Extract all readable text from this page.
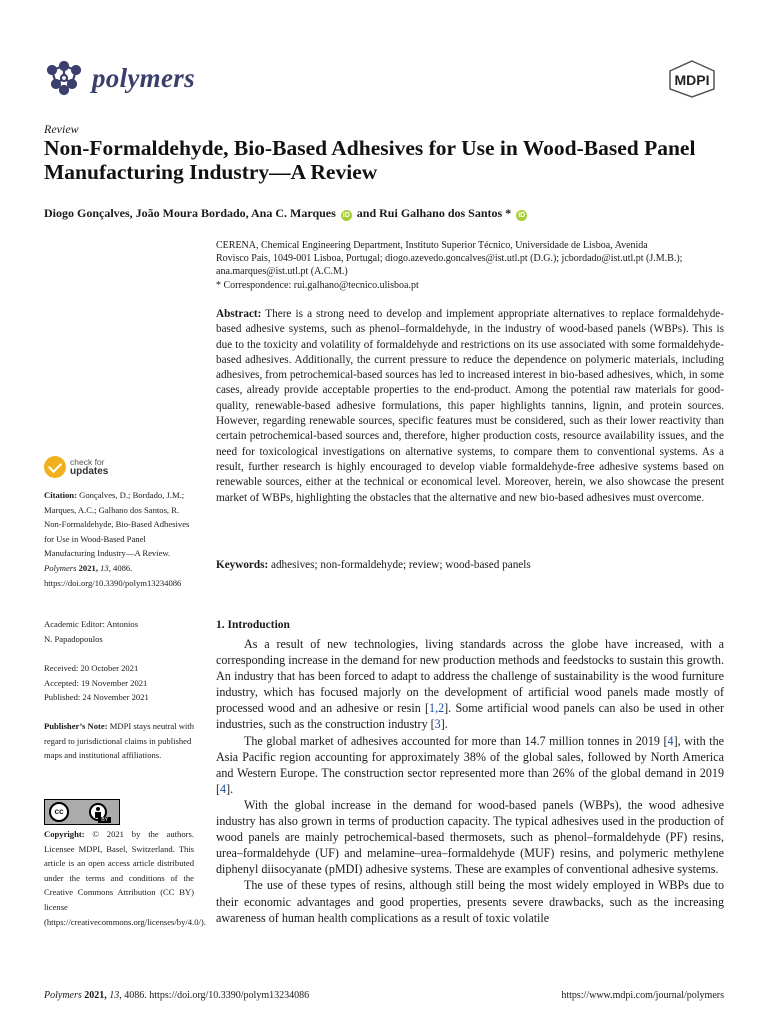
polymers	MDPI
Review
Non-Formaldehyde, Bio-Based Adhesives for Use in Wood-Based Panel Manufacturing Industry—A Review
Diogo Gonçalves, João Moura Bordado, Ana C. Marques iD and Rui Galhano dos Santos * iD
CERENA, Chemical Engineering Department, Instituto Superior Técnico, Universidade de Lisboa, Avenida
Rovisco Pais, 1049-001 Lisboa, Portugal; diogo.azevedo.goncalves@ist.utl.pt (D.G.); jcbordado@ist.utl.pt (J.M.B.);
ana.marques@ist.utl.pt (A.C.M.)
* Correspondence: rui.galhano@tecnico.ulisboa.pt
Abstract: There is a strong need to develop and implement appropriate alternatives to replace formaldehyde-based adhesive systems, such as phenol–formaldehyde, in the industry of wood-based panels (WBPs). This is due to the toxicity and volatility of formaldehyde and restrictions on its use associated with some formaldehyde-based adhesives. Additionally, the current pressure to reduce the dependence on polymeric materials, including adhesives, from petrochemical-based sources has led to increased interest in bio-based adhesives, which, in some cases, already provide acceptable properties to the end-product. Among the potential raw materials for good-quality, renewable-based adhesive formulations, this paper highlights tannins, lignin, and protein sources. However, regarding renewable sources, specific features must be considered, such as their lower reactivity than certain petrochemical-based sources and, therefore, higher production costs, resource availability issues, and the need for toxicological investigations on alternative systems, to compare them to conventional systems. As a result, further research is highly encouraged to develop viable formaldehyde-free adhesive systems based on renewable sources, either at the technical or economical level. Moreover, herein, we also showcase the present market of WBPs, highlighting the obstacles that the alternative and new bio-based adhesives must overcome.
Keywords: adhesives; non-formaldehyde; review; wood-based panels
check for
updates
Citation: Gonçalves, D.; Bordado, J.M.; Marques, A.C.; Galhano dos Santos, R. Non-Formaldehyde, Bio-Based Adhesives for Use in Wood-Based Panel Manufacturing Industry—A Review. Polymers 2021, 13, 4086. https://doi.org/10.3390/polym13234086
Academic Editor: Antonios
N. Papadopoulos
Received: 20 October 2021
Accepted: 19 November 2021
Published: 24 November 2021
Publisher’s Note: MDPI stays neutral with regard to jurisdictional claims in published maps and institutional affiliations.
cc
BY
Copyright: © 2021 by the authors. Licensee MDPI, Basel, Switzerland. This article is an open access article distributed under the terms and conditions of the Creative Commons Attribution (CC BY) license (https://creativecommons.org/licenses/by/4.0/).
1. Introduction

As a result of new technologies, living standards across the globe have increased, with a corresponding increase in the demand for new production methods and feedstocks to sustain this growth. An industry that has been forced to adapt to address the challenge of sustainability is the wood furniture industry, which has focused majorly on the development of artificial wood panels made mostly of processed wood and an adhesive or resin [1,2]. Some artificial wood panels can also be used in other industries, such as the construction industry [3].

The global market of adhesives accounted for more than 14.7 million tonnes in 2019 [4], with the Asia Pacific region accounting for approximately 38% of the global sales, followed by North America and Western Europe. The construction sector represented more than 26% of the global demand in 2019 [4].

With the global increase in the demand for wood-based panels (WBPs), the wood adhesive industry has also grown in terms of production capacity. The typical adhesives used in the production of wood panels are mainly petrochemical-based thermosets, such as phenol–formaldehyde (PF) resins, urea–formaldehyde (UF) and melamine–urea–formaldehyde (MUF) resins, and polymeric methylene diphenyl diisocyanate (pMDI) adhesive systems. These are examples of conventional adhesive systems.

The use of these types of resins, although still being the most widely employed in WBPs due to their economic advantages and good properties, presents severe drawbacks, such as the increasing awareness of human health complications as a result of toxic volatile

Polymers 2021, 13, 4086. https://doi.org/10.3390/polym13234086	https://www.mdpi.com/journal/polymers
